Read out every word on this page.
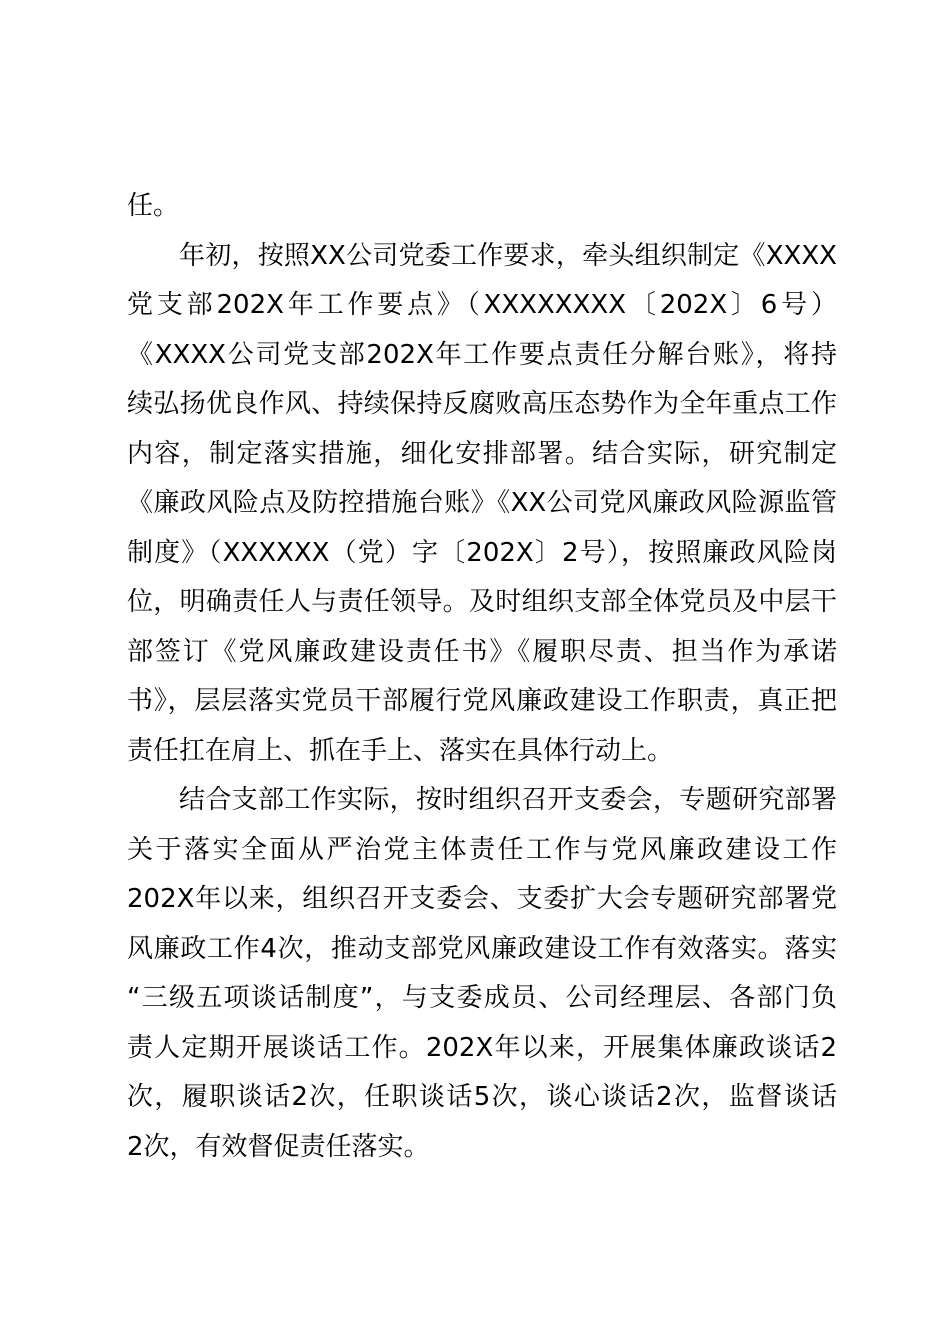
任。
年初，按照XX公司党委工作要求，牵头组织制定《XXXX
党支部202X年工作要点》（XXXXXXXX〔202X〕6号）
《XXXX公司党支部202X年工作要点责任分解台账》，将持
续弘扬优良作风、持续保持反腐败高压态势作为全年重点工作
内容，制定落实措施，细化安排部署。结合实际，研究制定
《廉政风险点及防控措施台账》《XX公司党风廉政风险源监管
制度》（XXXXXX（党）字〔202X〕2号），按照廉政风险岗
位，明确责任人与责任领导。及时组织支部全体党员及中层干
部签订《党风廉政建设责任书》《履职尽责、担当作为承诺
书》，层层落实党员干部履行党风廉政建设工作职责，真正把
责任扛在肩上、抓在手上、落实在具体行动上。
结合支部工作实际，按时组织召开支委会，专题研究部署
关于落实全面从严治党主体责任工作与党风廉政建设工作
202X年以来，组织召开支委会、支委扩大会专题研究部署党
风廉政工作4次，推动支部党风廉政建设工作有效落实。落实
“三级五项谈话制度”，与支委成员、公司经理层、各部门负
责人定期开展谈话工作。202X年以来，开展集体廉政谈话2
次，履职谈话2次，任职谈话5次，谈心谈话2次，监督谈话
2次，有效督促责任落实。
